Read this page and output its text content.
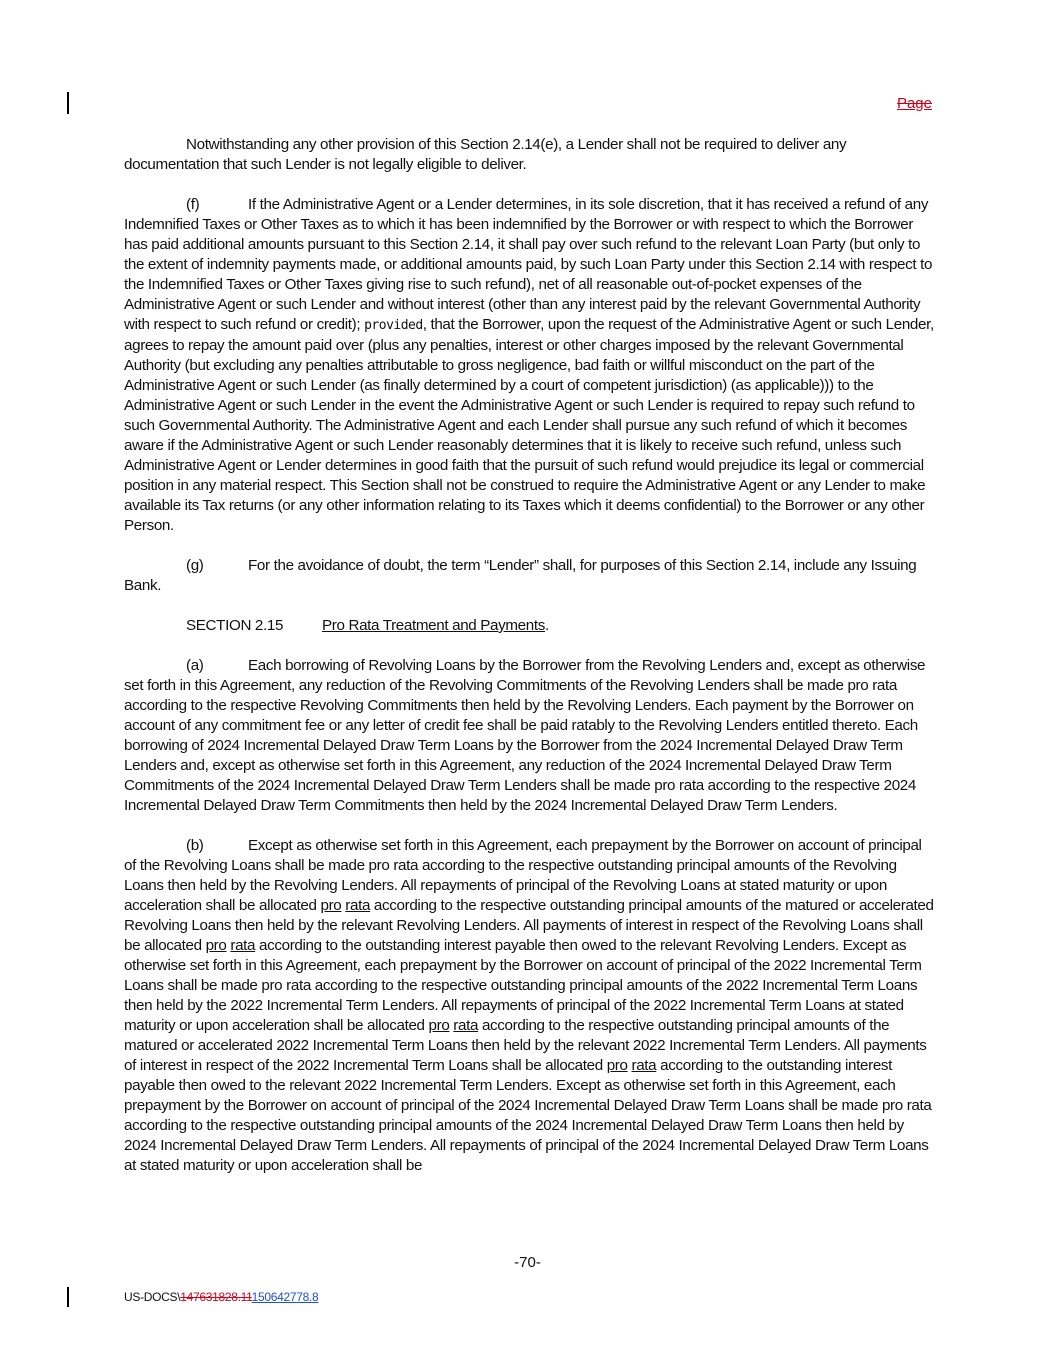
Page

Notwithstanding any other provision of this Section 2.14(e), a Lender shall not be required to deliver any documentation that such Lender is not legally eligible to deliver.

(f)	If the Administrative Agent or a Lender determines, in its sole discretion, that it has received a refund of any Indemnified Taxes or Other Taxes as to which it has been indemnified by the Borrower or with respect to which the Borrower has paid additional amounts pursuant to this Section 2.14, it shall pay over such refund to the relevant Loan Party (but only to the extent of indemnity payments made, or additional amounts paid, by such Loan Party under this Section 2.14 with respect to the Indemnified Taxes or Other Taxes giving rise to such refund), net of all reasonable out-of-pocket expenses of the Administrative Agent or such Lender and without interest (other than any interest paid by the relevant Governmental Authority with respect to such refund or credit); provided, that the Borrower, upon the request of the Administrative Agent or such Lender, agrees to repay the amount paid over (plus any penalties, interest or other charges imposed by the relevant Governmental Authority (but excluding any penalties attributable to gross negligence, bad faith or willful misconduct on the part of the Administrative Agent or such Lender (as finally determined by a court of competent jurisdiction) (as applicable))) to the Administrative Agent or such Lender in the event the Administrative Agent or such Lender is required to repay such refund to such Governmental Authority. The Administrative Agent and each Lender shall pursue any such refund of which it becomes aware if the Administrative Agent or such Lender reasonably determines that it is likely to receive such refund, unless such Administrative Agent or Lender determines in good faith that the pursuit of such refund would prejudice its legal or commercial position in any material respect. This Section shall not be construed to require the Administrative Agent or any Lender to make available its Tax returns (or any other information relating to its Taxes which it deems confidential) to the Borrower or any other Person.

(g)	For the avoidance of doubt, the term “Lender” shall, for purposes of this Section 2.14, include any Issuing Bank.

SECTION 2.15	Pro Rata Treatment and Payments.

(a)	Each borrowing of Revolving Loans by the Borrower from the Revolving Lenders and, except as otherwise set forth in this Agreement, any reduction of the Revolving Commitments of the Revolving Lenders shall be made pro rata according to the respective Revolving Commitments then held by the Revolving Lenders. Each payment by the Borrower on account of any commitment fee or any letter of credit fee shall be paid ratably to the Revolving Lenders entitled thereto. Each borrowing of 2024 Incremental Delayed Draw Term Loans by the Borrower from the 2024 Incremental Delayed Draw Term Lenders and, except as otherwise set forth in this Agreement, any reduction of the 2024 Incremental Delayed Draw Term Commitments of the 2024 Incremental Delayed Draw Term Lenders shall be made pro rata according to the respective 2024 Incremental Delayed Draw Term Commitments then held by the 2024 Incremental Delayed Draw Term Lenders.

(b)	Except as otherwise set forth in this Agreement, each prepayment by the Borrower on account of principal of the Revolving Loans shall be made pro rata according to the respective outstanding principal amounts of the Revolving Loans then held by the Revolving Lenders. All repayments of principal of the Revolving Loans at stated maturity or upon acceleration shall be allocated pro rata according to the respective outstanding principal amounts of the matured or accelerated Revolving Loans then held by the relevant Revolving Lenders. All payments of interest in respect of the Revolving Loans shall be allocated pro rata according to the outstanding interest payable then owed to the relevant Revolving Lenders. Except as otherwise set forth in this Agreement, each prepayment by the Borrower on account of principal of the 2022 Incremental Term Loans shall be made pro rata according to the respective outstanding principal amounts of the 2022 Incremental Term Loans then held by the 2022 Incremental Term Lenders. All repayments of principal of the 2022 Incremental Term Loans at stated maturity or upon acceleration shall be allocated pro rata according to the respective outstanding principal amounts of the matured or accelerated 2022 Incremental Term Loans then held by the relevant 2022 Incremental Term Lenders. All payments of interest in respect of the 2022 Incremental Term Loans shall be allocated pro rata according to the outstanding interest payable then owed to the relevant 2022 Incremental Term Lenders. Except as otherwise set forth in this Agreement, each prepayment by the Borrower on account of principal of the 2024 Incremental Delayed Draw Term Loans shall be made pro rata according to the respective outstanding principal amounts of the 2024 Incremental Delayed Draw Term Loans then held by 2024 Incremental Delayed Draw Term Lenders. All repayments of principal of the 2024 Incremental Delayed Draw Term Loans at stated maturity or upon acceleration shall be

-70-
US-DOCS\147631828.11150642778.8
